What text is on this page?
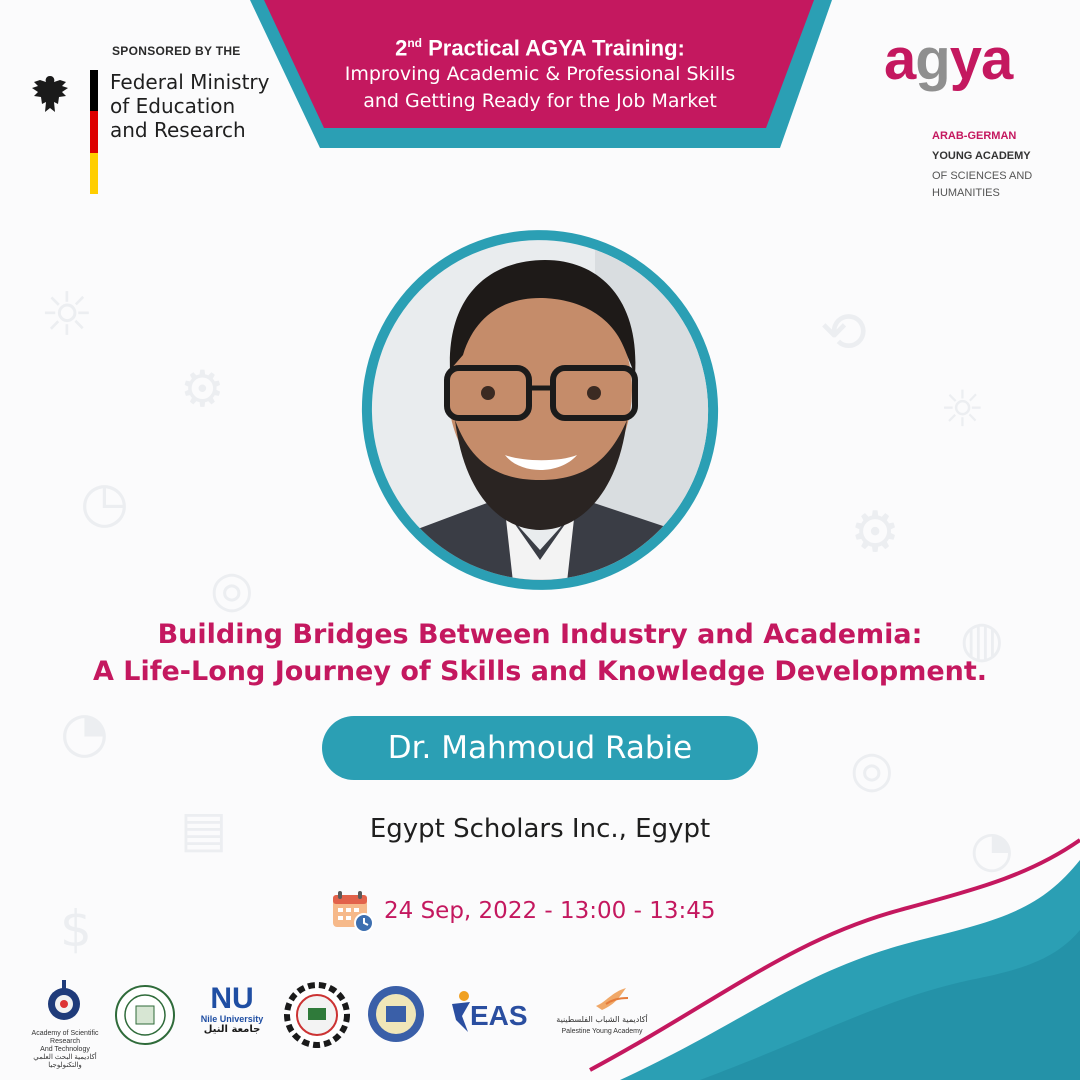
☼
⚙
◷
◎
◔
▤
$
⟲
☼
⚙
◍
◎
◔
2nd Practical AGYA Training:
Improving Academic & Professional Skills
and Getting Ready for the Job Market
SPONSORED BY THE
Federal Ministry
of Education
and Research
agya
ARAB-GERMAN
YOUNG ACADEMY
OF SCIENCES AND
HUMANITIES
Building Bridges Between Industry and Academia:
A Life-Long Journey of Skills and Knowledge Development.
Dr. Mahmoud Rabie
Egypt Scholars Inc., Egypt
24 Sep, 2022 - 13:00 - 13:45
Academy of Scientific Research
And Technology
أكاديمية البحث العلمي والتكنولوجيا
NU
Nile University
جامعة النيل	EAS	أكاديمية الشباب الفلسطينية
Palestine Young Academy
